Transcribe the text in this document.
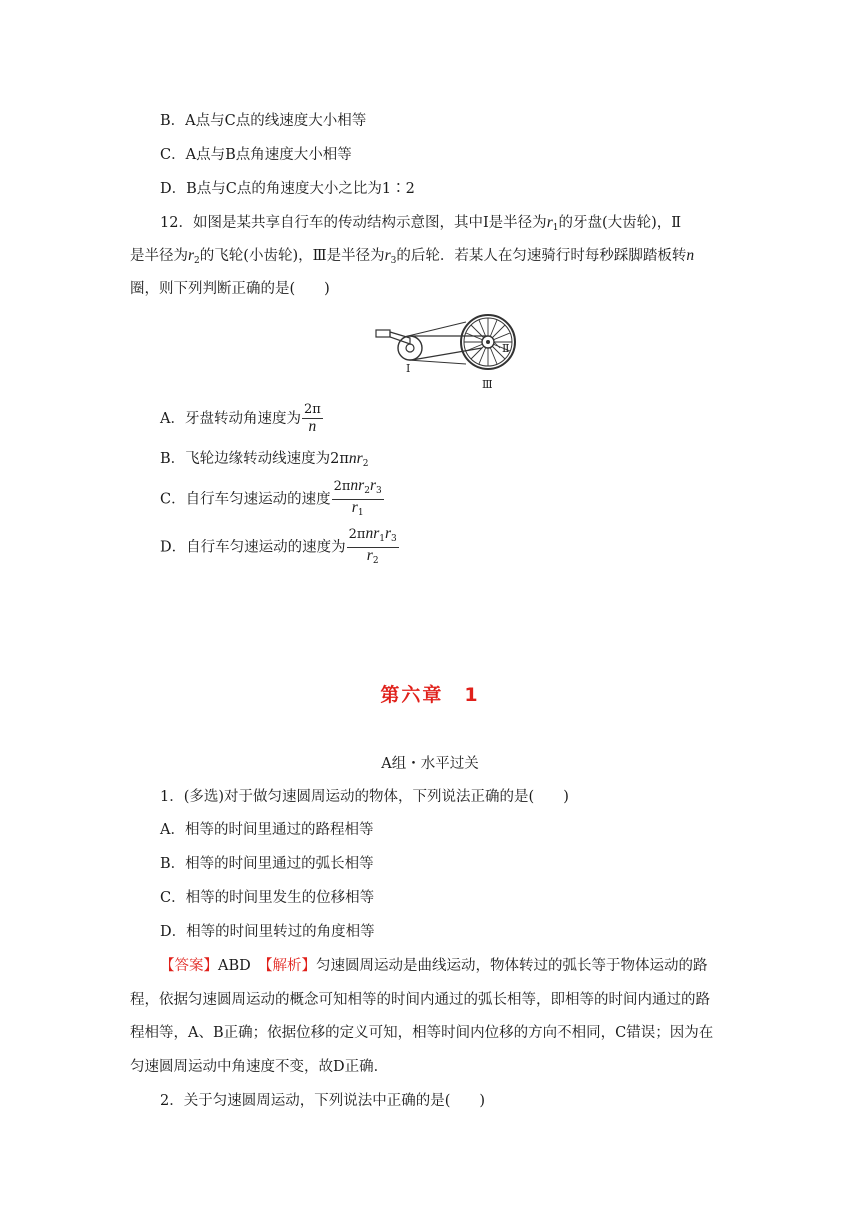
B．A点与C点的线速度大小相等
C．A点与B点角速度大小相等
D．B点与C点的角速度大小之比为1∶2
12．如图是某共享自行车的传动结构示意图，其中Ⅰ是半径为$r_1$的牙盘(大齿轮)，Ⅱ
是半径为$r_2$的飞轮(小齿轮)，Ⅲ是半径为$r_3$的后轮．若某人在匀速骑行时每秒踩脚踏板转n
圈，则下列判断正确的是(　　)
Ⅱ
Ⅰ
Ⅲ
A．牙盘转动角速度为 $\frac{2\pi}{n}$
B．飞轮边缘转动线速度为2πnr$_2$
C．自行车匀速运动的速度 $\frac{2\pi nr_2r_3}{r_1}$
D．自行车匀速运动的速度为 $\frac{2\pi nr_1r_3}{r_2}$
第六章　1
A组・水平过关
1．(多选)对于做匀速圆周运动的物体，下列说法正确的是(　　)
A．相等的时间里通过的路程相等
B．相等的时间里通过的弧长相等
C．相等的时间里发生的位移相等
D．相等的时间里转过的角度相等
【答案】ABD　【解析】匀速圆周运动是曲线运动，物体转过的弧长等于物体运动的路
程，依据匀速圆周运动的概念可知相等的时间内通过的弧长相等，即相等的时间内通过的路
程相等，A、B正确；依据位移的定义可知，相等时间内位移的方向不相同，C错误；因为在
匀速圆周运动中角速度不变，故D正确．
2．关于匀速圆周运动，下列说法中正确的是(　　)
